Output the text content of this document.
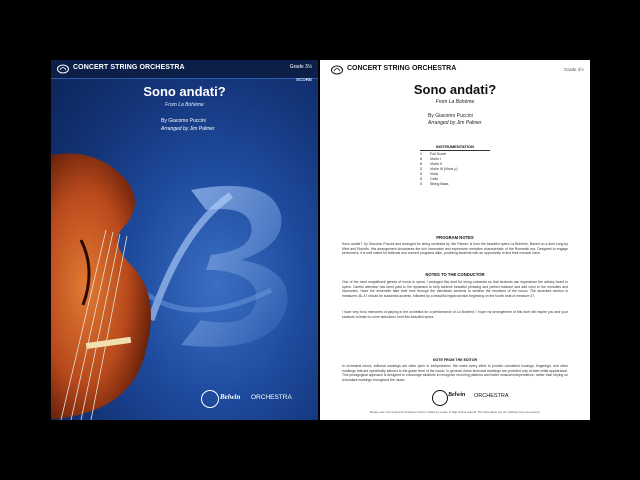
CONCERT STRING ORCHESTRA	Grade 3½
SCORE
Sono andati?
From La Bohème
By Giacomo Puccini
Arranged by Jim Palmer
Belwin ORCHESTRA
CONCERT STRING ORCHESTRA	Grade 3½
Sono andati?
From La Bohème
By Giacomo Puccini
Arranged by Jim Palmer
INSTRUMENTATION
1	Full Score
8	Violin I
8	Violin II
5	Violin III (Viola ℘)
5	Viola
5	Cello
5	String Bass
PROGRAM NOTES
Sono andati?, by Giacomo Puccini and arranged for string orchestra by Jim Palmer, is from the beautiful opera La Bohème. Based on a duet sung by Mimi and Rodolfo, this arrangement showcases the rich harmonies and expressive melodies characteristic of the Romantic era. Designed to engage performers, it is well suited for festivals and concert programs alike, providing students with an opportunity to find their musical voice.
NOTES TO THE CONDUCTOR
One of the most magnificent genres of music is opera. I arranged this duet for string orchestra so that students can experience the artistry found in opera. Careful attention has been paid to the dynamics to help achieve beautiful phrasing and perfect balance and add color to the melodies and harmonies. Have the ensemble take their time through the ritardando sections to achieve the emotions of the music. The accented section in measures 46–47 should be sustained accents, followed by a beautiful legato section beginning on the fourth beat of measure 47.
I have very fond memories of playing in the orchestra for a performance of La Bohème. I hope my arrangement of this duet will inspire you and your students to listen to more selections from this beautiful opera.
NOTE FROM THE EDITOR
In orchestral music, editorial markings are often open to interpretation. We make every effort to provide consistent bowings, fingerings, and other markings that are specifically tailored to the grade level of the music. In general, these technical markings are provided only at their initial appearance. This pedagogical approach is designed to encourage students to recognize recurring patterns and foster musical independence, rather than relying on redundant markings throughout the music.
Belwin ORCHESTRA
Please note: Our band and orchestra music is edited by a team of high school experts. The information you are holding now is an excerpt.
